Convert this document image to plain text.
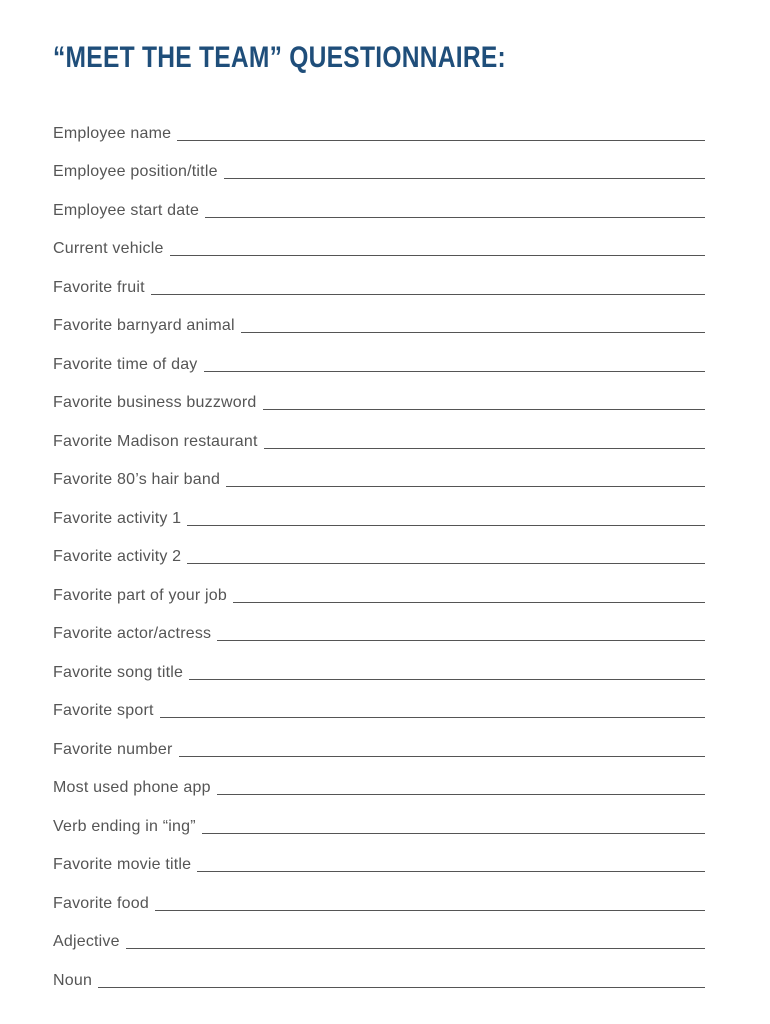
“MEET THE TEAM” QUESTIONNAIRE:
Employee name
Employee position/title
Employee start date
Current vehicle
Favorite fruit
Favorite barnyard animal
Favorite time of day
Favorite business buzzword
Favorite Madison restaurant
Favorite 80’s hair band
Favorite activity 1
Favorite activity 2
Favorite part of your job
Favorite actor/actress
Favorite song title
Favorite sport
Favorite number
Most used phone app
Verb ending in “ing”
Favorite movie title
Favorite food
Adjective
Noun
